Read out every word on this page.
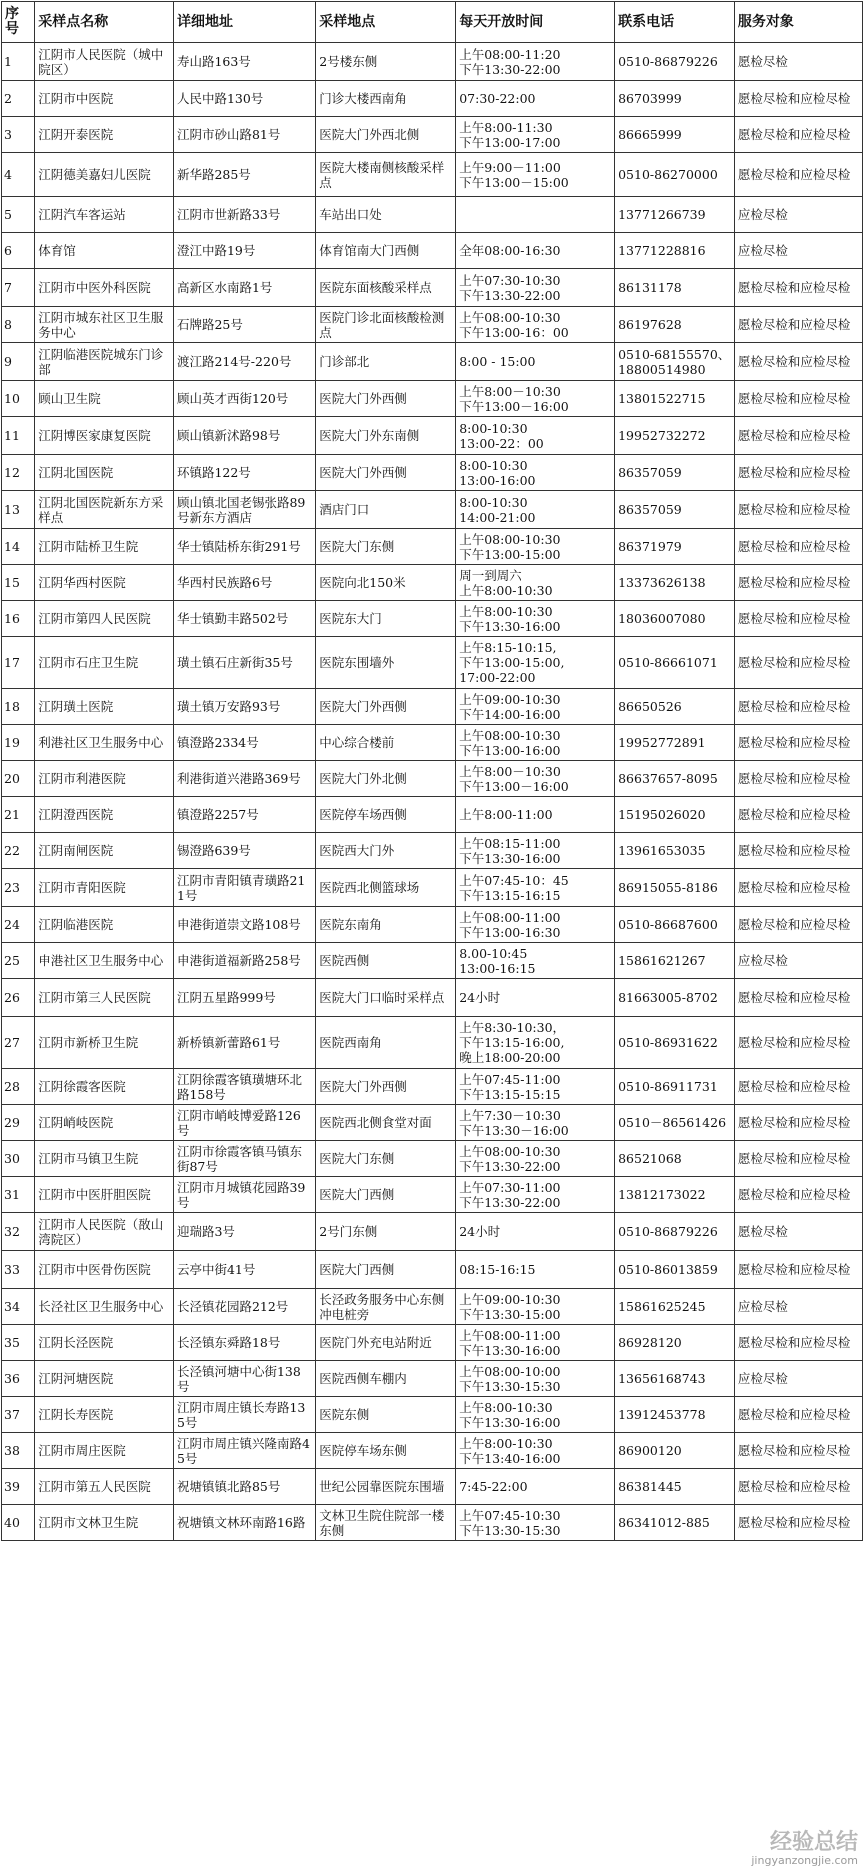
序号	采样点名称	详细地址	采样地点	每天开放时间	联系电话	服务对象
1	江阴市人民医院（城中院区）	寿山路163号	2号楼东侧	上午08:00-11:20
下午13:30-22:00	0510-86879226	愿检尽检
2	江阴市中医院	人民中路130号	门诊大楼西南角	07:30-22:00	86703999	愿检尽检和应检尽检
3	江阴开泰医院	江阴市砂山路81号	医院大门外西北侧	上午8:00-11:30
下午13:00-17:00	86665999	愿检尽检和应检尽检
4	江阴德美嘉妇儿医院	新华路285号	医院大楼南侧核酸采样点	上午9:00－11:00
下午13:00－15:00	0510-86270000	愿检尽检和应检尽检
5	江阴汽车客运站	江阴市世新路33号	车站出口处		13771266739	应检尽检
6	体育馆	澄江中路19号	体育馆南大门西侧	全年08:00-16:30	13771228816	应检尽检
7	江阴市中医外科医院	高新区水南路1号	医院东面核酸采样点	上午07:30-10:30
下午13:30-22:00	86131178	愿检尽检和应检尽检
8	江阴市城东社区卫生服务中心	石牌路25号	医院门诊北面核酸检测点	上午08:00-10:30
下午13:00-16：00	86197628	愿检尽检和应检尽检
9	江阴临港医院城东门诊部	渡江路214号-220号	门诊部北	8:00 - 15:00	0510-68155570、18800514980	愿检尽检和应检尽检
10	顾山卫生院	顾山英才西街120号	医院大门外西侧	上午8:00－10:30
下午13:00－16:00	13801522715	愿检尽检和应检尽检
11	江阴博医家康复医院	顾山镇新沭路98号	医院大门外东南侧	8:00-10:30
13:00-22：00	19952732272	愿检尽检和应检尽检
12	江阴北国医院	环镇路122号	医院大门外西侧	8:00-10:30
13:00-16:00	86357059	愿检尽检和应检尽检
13	江阴北国医院新东方采样点	顾山镇北国老锡张路89号新东方酒店	酒店门口	8:00-10:30
14:00-21:00	86357059	愿检尽检和应检尽检
14	江阴市陆桥卫生院	华士镇陆桥东街291号	医院大门东侧	上午08:00-10:30
下午13:00-15:00	86371979	愿检尽检和应检尽检
15	江阴华西村医院	华西村民族路6号	医院向北150米	周一到周六
上午8:00-10:30	13373626138	愿检尽检和应检尽检
16	江阴市第四人民医院	华士镇勤丰路502号	医院东大门	上午8:00-10:30
下午13:30-16:00	18036007080	愿检尽检和应检尽检
17	江阴市石庄卫生院	璜土镇石庄新街35号	医院东围墙外	上午8:15-10:15,
下午13:00-15:00,
17:00-22:00	0510-86661071	愿检尽检和应检尽检
18	江阴璜土医院	璜土镇万安路93号	医院大门外西侧	上午09:00-10:30
下午14:00-16:00	86650526	愿检尽检和应检尽检
19	利港社区卫生服务中心	镇澄路2334号	中心综合楼前	上午08:00-10:30
下午13:00-16:00	19952772891	愿检尽检和应检尽检
20	江阴市利港医院	利港街道兴港路369号	医院大门外北侧	上午8:00－10:30
下午13:00－16:00	86637657-8095	愿检尽检和应检尽检
21	江阴澄西医院	镇澄路2257号	医院停车场西侧	上午8:00-11:00	15195026020	愿检尽检和应检尽检
22	江阴南闸医院	锡澄路639号	医院西大门外	上午08:15-11:00
下午13:30-16:00	13961653035	愿检尽检和应检尽检
23	江阴市青阳医院	江阴市青阳镇青璜路211号	医院西北侧篮球场	上午07:45-10：45
下午13:15-16:15	86915055-8186	愿检尽检和应检尽检
24	江阴临港医院	申港街道崇文路108号	医院东南角	上午08:00-11:00
下午13:00-16:30	0510-86687600	愿检尽检和应检尽检
25	申港社区卫生服务中心	申港街道福新路258号	医院西侧	8.00-10:45
13:00-16:15	15861621267	应检尽检
26	江阴市第三人民医院	江阴五星路999号	医院大门口临时采样点	24小时	81663005-8702	愿检尽检和应检尽检
27	江阴市新桥卫生院	新桥镇新蕾路61号	医院西南角	上午8:30-10:30，
下午13:15-16:00,
晚上18:00-20:00	0510-86931622	愿检尽检和应检尽检
28	江阴徐霞客医院	江阴徐霞客镇璜塘环北路158号	医院大门外西侧	上午07:45-11:00
下午13:15-15:15	0510-86911731	愿检尽检和应检尽检
29	江阴峭岐医院	江阴市峭岐博爱路126号	医院西北侧食堂对面	上午7:30－10:30
下午13:30－16:00	0510－86561426	愿检尽检和应检尽检
30	江阴市马镇卫生院	江阴市徐霞客镇马镇东街87号	医院大门东侧	上午08:00-10:30
下午13:30-22:00	86521068	愿检尽检和应检尽检
31	江阴市中医肝胆医院	江阴市月城镇花园路39号	医院大门西侧	上午07:30-11:00
下午13:30-22:00	13812173022	愿检尽检和应检尽检
32	江阴市人民医院（敔山湾院区）	迎瑞路3号	2号门东侧	24小时	0510-86879226	愿检尽检
33	江阴市中医骨伤医院	云亭中街41号	医院大门西侧	08:15-16:15	0510-86013859	愿检尽检和应检尽检
34	长泾社区卫生服务中心	长泾镇花园路212号	长泾政务服务中心东侧冲电桩旁	上午09:00-10:30
下午13:30-15:00	15861625245	应检尽检
35	江阴长泾医院	长泾镇东舜路18号	医院门外充电站附近	上午08:00-11:00
下午13:30-16:00	86928120	愿检尽检和应检尽检
36	江阴河塘医院	长泾镇河塘中心街138号	医院西侧车棚内	上午08:00-10:00
下午13:30-15:30	13656168743	应检尽检
37	江阴长寿医院	江阴市周庄镇长寿路135号	医院东侧	上午8:00-10:30
下午13:30-16:00	13912453778	愿检尽检和应检尽检
38	江阴市周庄医院	江阴市周庄镇兴隆南路45号	医院停车场东侧	上午8:00-10:30
下午13:40-16:00	86900120	愿检尽检和应检尽检
39	江阴市第五人民医院	祝塘镇镇北路85号	世纪公园靠医院东围墙	7:45-22:00	86381445	愿检尽检和应检尽检
40	江阴市文林卫生院	祝塘镇文林环南路16路	文林卫生院住院部一楼东侧	上午07:45-10:30
下午13:30-15:30	86341012-885	愿检尽检和应检尽检
经验总结
jingyanzongjie.com
